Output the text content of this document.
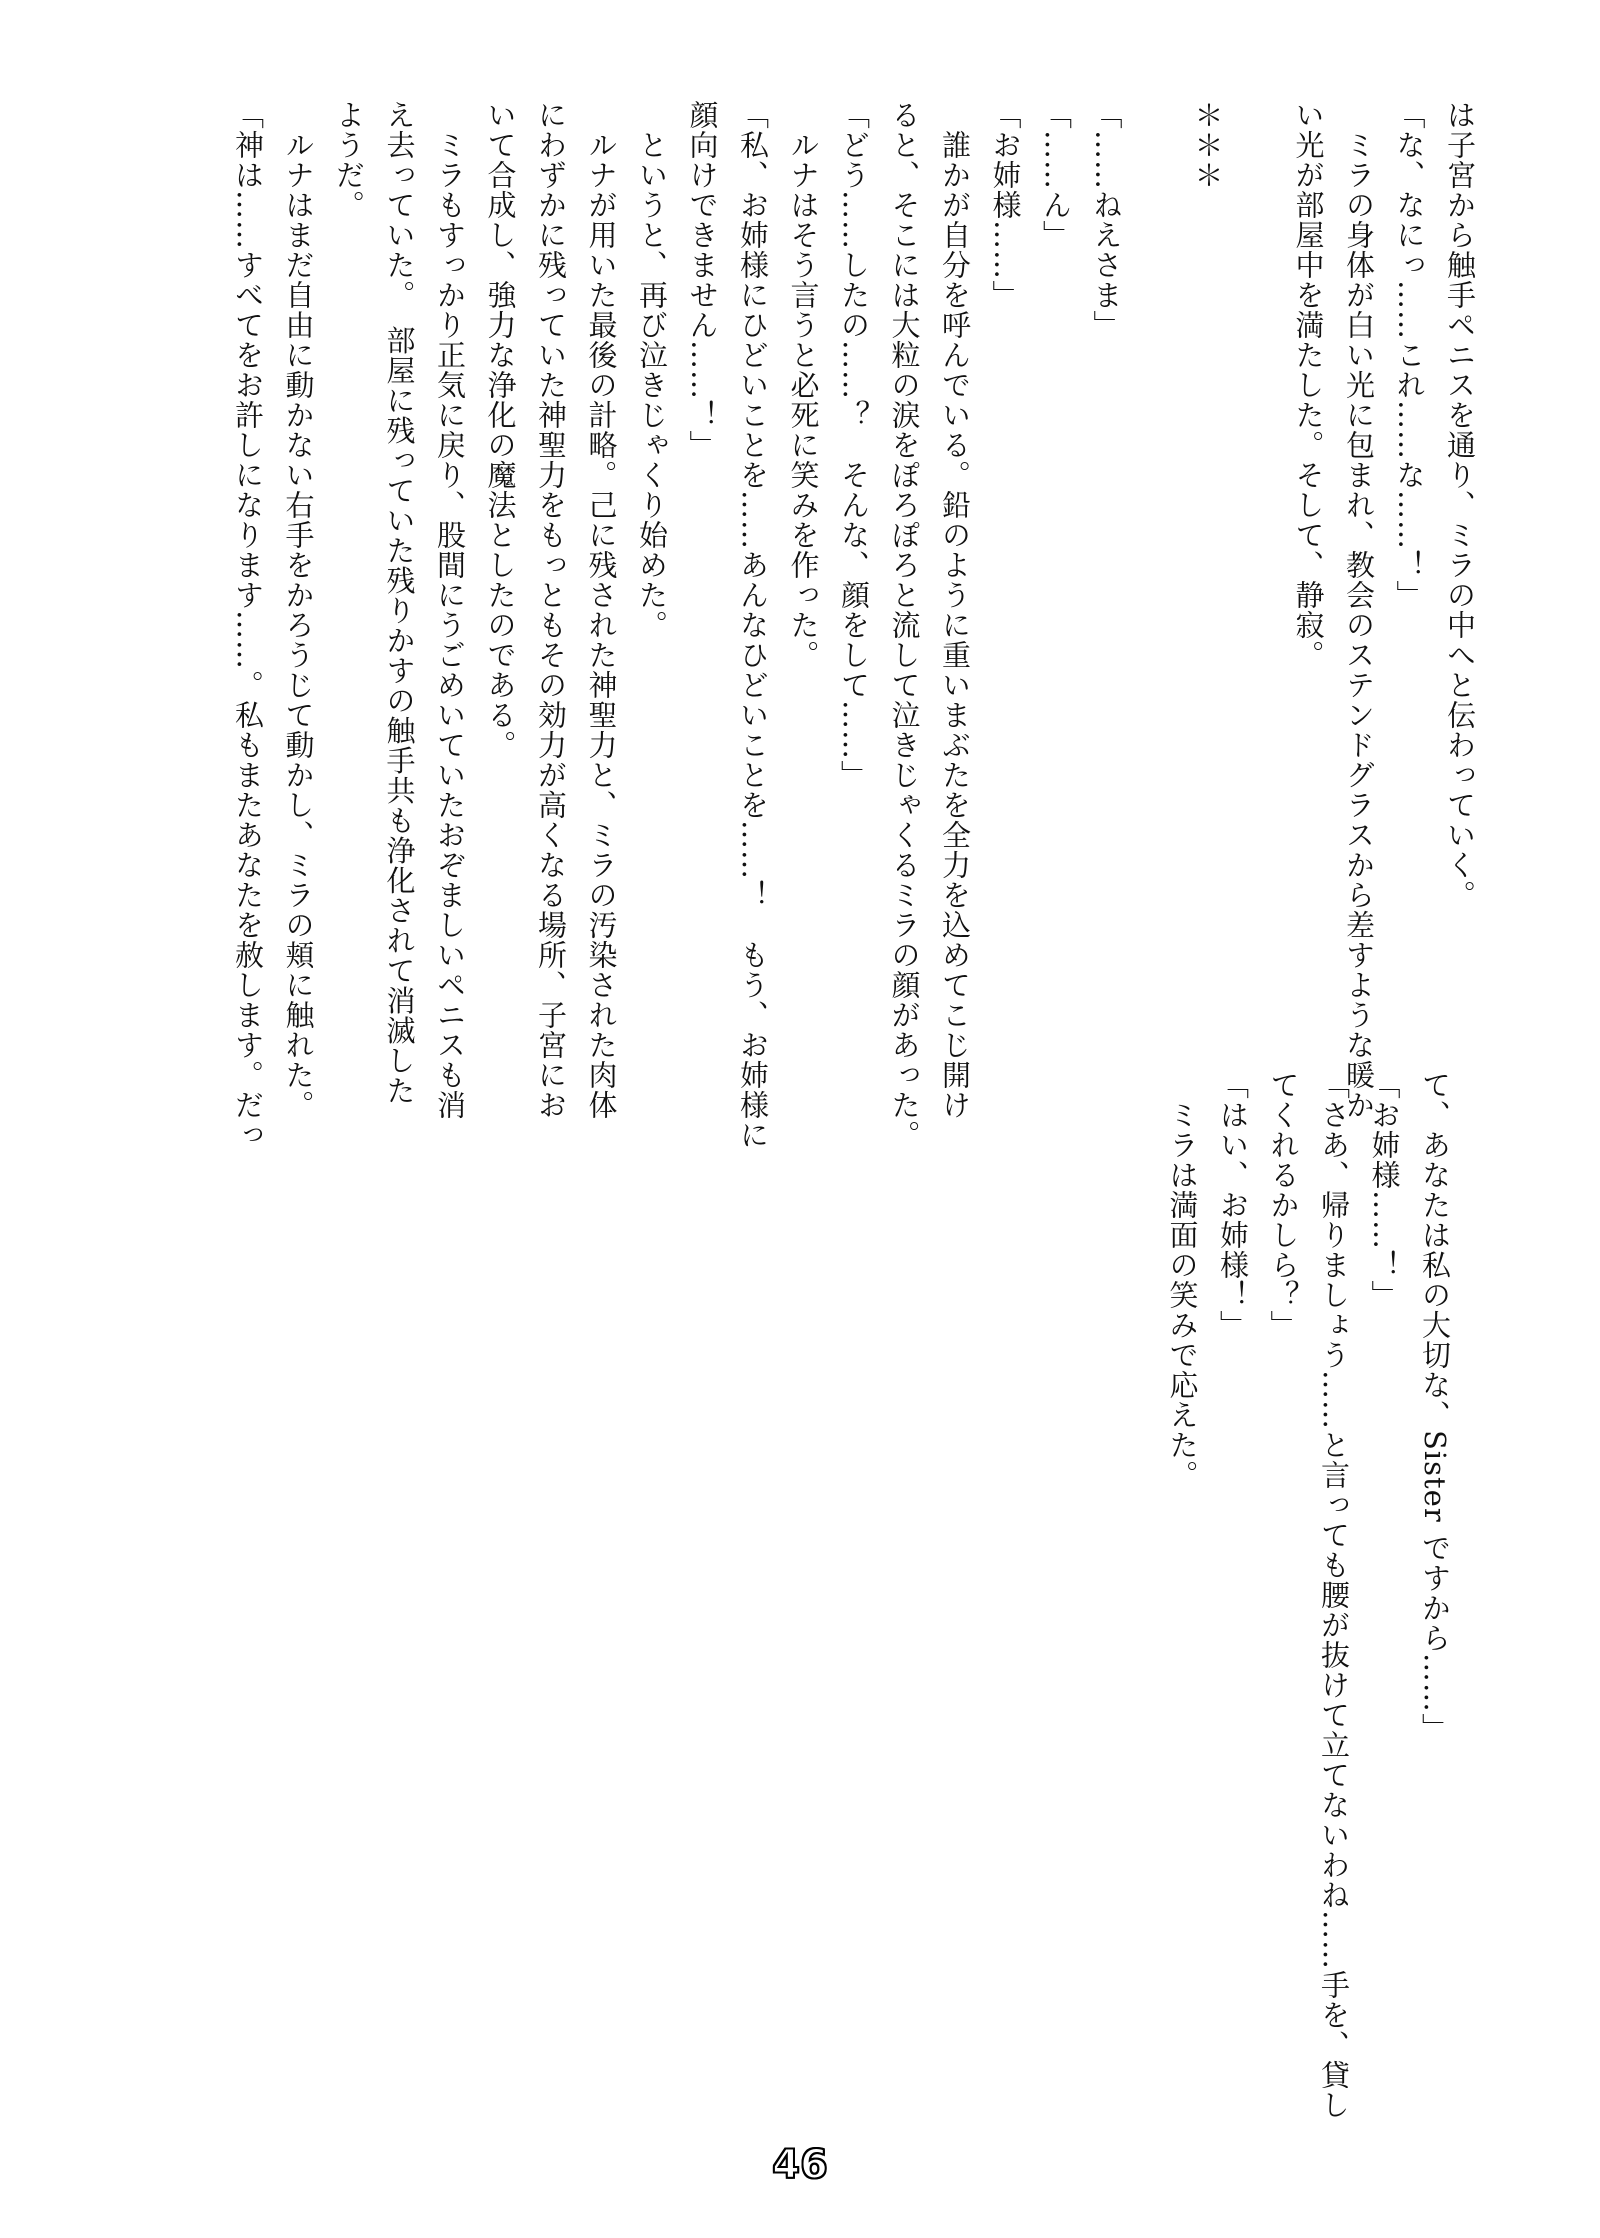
は子宮から触手ペニスを通り、ミラの中へと伝わっていく。
「な、なにっ……これ……な……！」
　ミラの身体が白い光に包まれ、教会のステンドグラスから差すような暖か
い光が部屋中を満たした。そして、静寂。

＊＊＊

「……ねえさま」
「……ん」
「お姉様……」
　誰かが自分を呼んでいる。鉛のように重いまぶたを全力を込めてこじ開け
ると、そこには大粒の涙をぽろぽろと流して泣きじゃくるミラの顔があった。
「どう……したの……？　そんな、顔をして……」
　ルナはそう言うと必死に笑みを作った。
「私、お姉様にひどいことを……あんなひどいことを……！　もう、お姉様に
顔向けできません……！」
　というと、再び泣きじゃくり始めた。
　ルナが用いた最後の計略。己に残された神聖力と、ミラの汚染された肉体
にわずかに残っていた神聖力をもっともその効力が高くなる場所、子宮にお
いて合成し、強力な浄化の魔法としたのである。
　ミラもすっかり正気に戻り、股間にうごめいていたおぞましいペニスも消
え去っていた。　部屋に残っていた残りかすの触手共も浄化されて消滅した
ようだ。
　ルナはまだ自由に動かない右手をかろうじて動かし、ミラの頬に触れた。
「神は……すべてをお許しになります……。私もまたあなたを赦します。だっ
て、あなたは私の大切な、Sister ですから……」
「お姉様……！」
「さあ、帰りましょう……と言っても腰が抜けて立てないわね……手を、貸し
てくれるかしら？」
「はい、お姉様！」
　ミラは満面の笑みで応えた。
46
